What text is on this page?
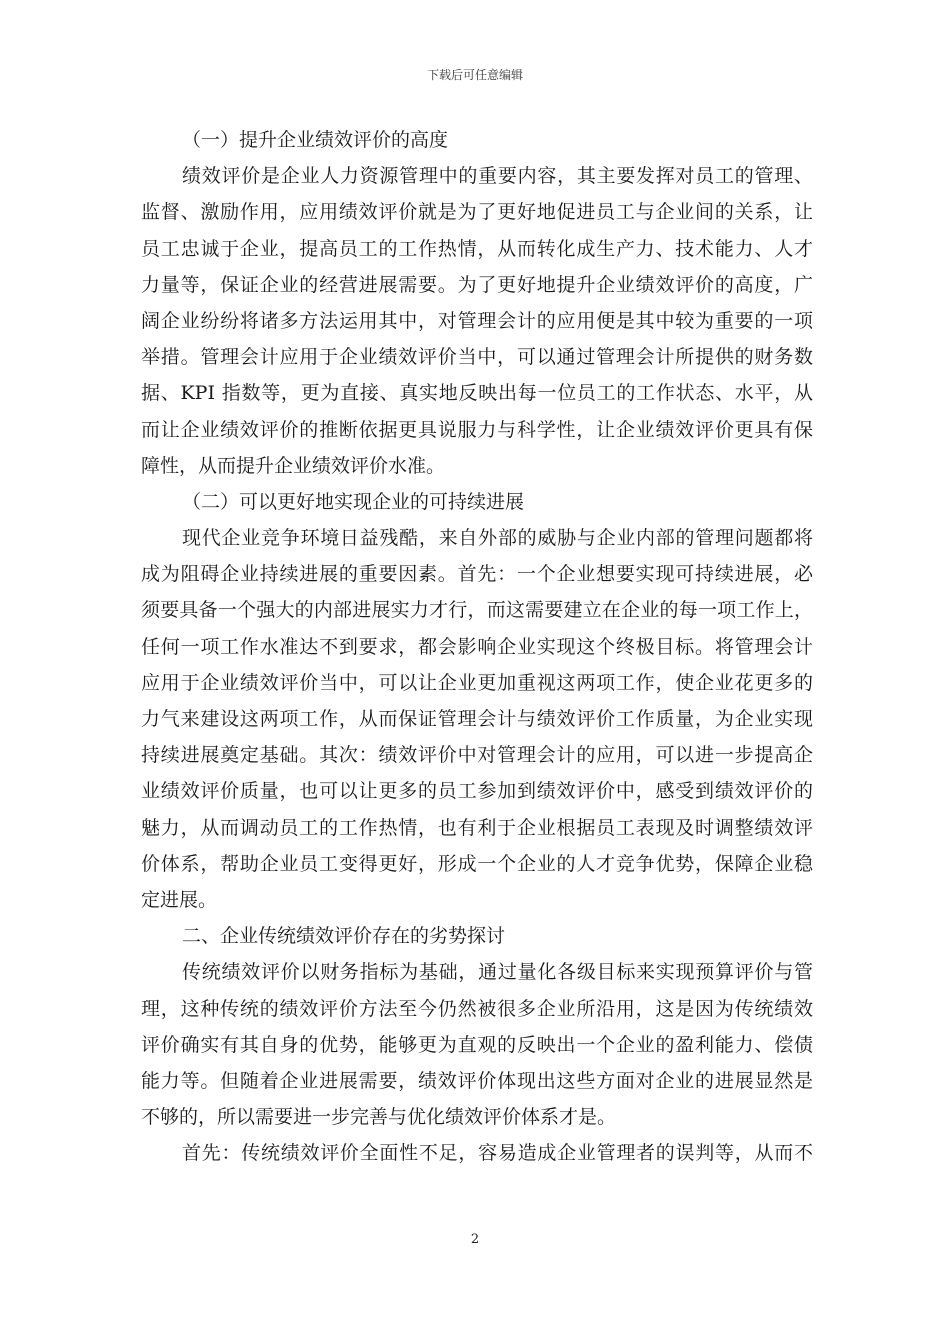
下载后可任意编辑
（一）提升企业绩效评价的高度
绩效评价是企业人力资源管理中的重要内容，其主要发挥对员工的管理、
监督、激励作用，应用绩效评价就是为了更好地促进员工与企业间的关系，让
员工忠诚于企业，提高员工的工作热情，从而转化成生产力、技术能力、人才
力量等，保证企业的经营进展需要。为了更好地提升企业绩效评价的高度，广
阔企业纷纷将诸多方法运用其中，对管理会计的应用便是其中较为重要的一项
举措。管理会计应用于企业绩效评价当中，可以通过管理会计所提供的财务数
据、KPI 指数等，更为直接、真实地反映出每一位员工的工作状态、水平，从
而让企业绩效评价的推断依据更具说服力与科学性，让企业绩效评价更具有保
障性，从而提升企业绩效评价水准。
（二）可以更好地实现企业的可持续进展
现代企业竞争环境日益残酷，来自外部的威胁与企业内部的管理问题都将
成为阻碍企业持续进展的重要因素。首先：一个企业想要实现可持续进展，必
须要具备一个强大的内部进展实力才行，而这需要建立在企业的每一项工作上，
任何一项工作水准达不到要求，都会影响企业实现这个终极目标。将管理会计
应用于企业绩效评价当中，可以让企业更加重视这两项工作，使企业花更多的
力气来建设这两项工作，从而保证管理会计与绩效评价工作质量，为企业实现
持续进展奠定基础。其次：绩效评价中对管理会计的应用，可以进一步提高企
业绩效评价质量，也可以让更多的员工参加到绩效评价中，感受到绩效评价的
魅力，从而调动员工的工作热情，也有利于企业根据员工表现及时调整绩效评
价体系，帮助企业员工变得更好，形成一个企业的人才竞争优势，保障企业稳
定进展。
二、企业传统绩效评价存在的劣势探讨
传统绩效评价以财务指标为基础，通过量化各级目标来实现预算评价与管
理，这种传统的绩效评价方法至今仍然被很多企业所沿用，这是因为传统绩效
评价确实有其自身的优势，能够更为直观的反映出一个企业的盈利能力、偿债
能力等。但随着企业进展需要，绩效评价体现出这些方面对企业的进展显然是
不够的，所以需要进一步完善与优化绩效评价体系才是。
首先：传统绩效评价全面性不足，容易造成企业管理者的误判等，从而不
2
